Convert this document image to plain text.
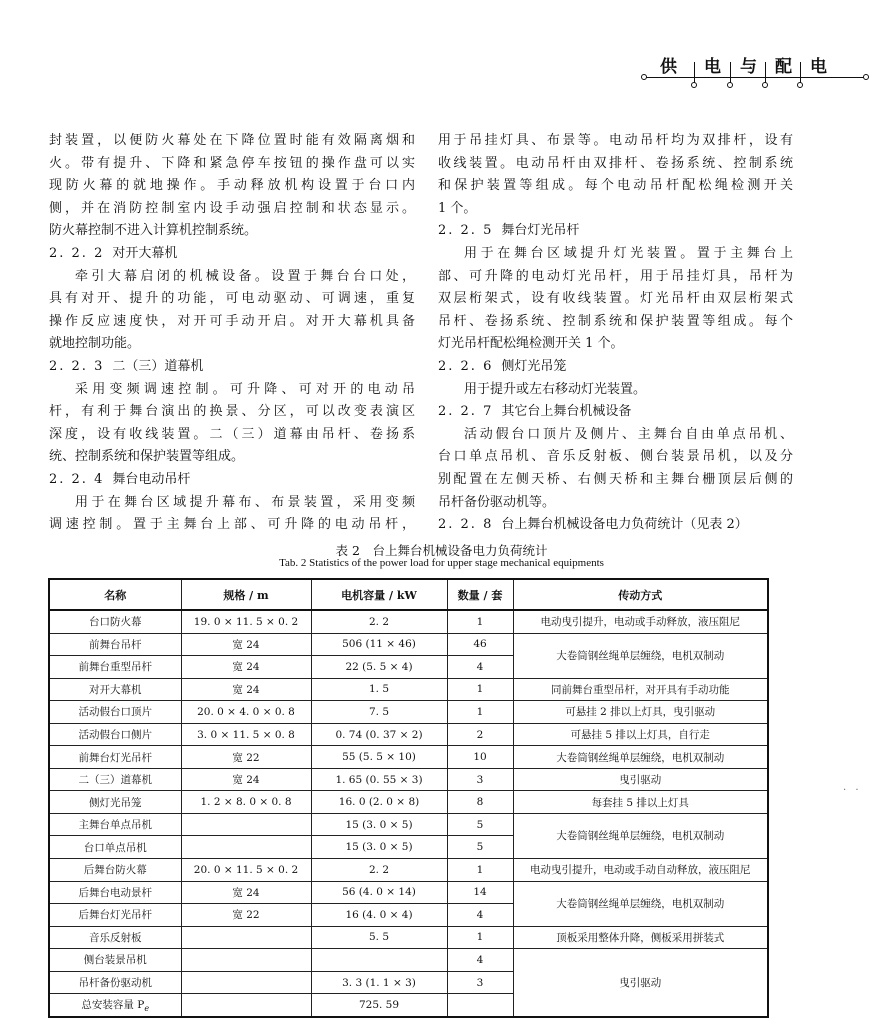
供 电 与 配 电

封装置，以便防火幕处在下降位置时能有效隔离烟和

火。带有提升、下降和紧急停车按钮的操作盘可以实

现防火幕的就地操作。手动释放机构设置于台口内

侧，并在消防控制室内设手动强启控制和状态显示。

防火幕控制不进入计算机控制系统。

2. 2. 2 对开大幕机

牵引大幕启闭的机械设备。设置于舞台台口处，

具有对开、提升的功能，可电动驱动、可调速，重复

操作反应速度快，对开可手动开启。对开大幕机具备

就地控制功能。

2. 2. 3 二（三）道幕机

采用变频调速控制。可升降、可对开的电动吊

杆，有利于舞台演出的换景、分区，可以改变表演区

深度，设有收线装置。二（三）道幕由吊杆、卷扬系

统、控制系统和保护装置等组成。

2. 2. 4 舞台电动吊杆

用于在舞台区域提升幕布、布景装置，采用变频

调速控制。置于主舞台上部、可升降的电动吊杆，

用于吊挂灯具、布景等。电动吊杆均为双排杆，设有

收线装置。电动吊杆由双排杆、卷扬系统、控制系统

和保护装置等组成。每个电动吊杆配松绳检测开关

1 个。

2. 2. 5 舞台灯光吊杆

用于在舞台区域提升灯光装置。置于主舞台上

部、可升降的电动灯光吊杆，用于吊挂灯具，吊杆为

双层桁架式，设有收线装置。灯光吊杆由双层桁架式

吊杆、卷扬系统、控制系统和保护装置等组成。每个

灯光吊杆配松绳检测开关 1 个。

2. 2. 6 侧灯光吊笼

用于提升或左右移动灯光装置。

2. 2. 7 其它台上舞台机械设备

活动假台口顶片及侧片、主舞台自由单点吊机、

台口单点吊机、音乐反射板、侧台装景吊机，以及分

别配置在左侧天桥、右侧天桥和主舞台栅顶层后侧的

吊杆备份驱动机等。

2. 2. 8 台上舞台机械设备电力负荷统计（见表 2）

表 2　台上舞台机械设备电力负荷统计
Tab. 2 Statistics of the power load for upper stage mechanical equipments
名称	规格 / m	电机容量 / kW	数量 / 套	传动方式
台口防火幕	19. 0 × 11. 5 × 0. 2	2. 2	1	电动曳引提升，电动或手动释放，液压阻尼
前舞台吊杆	宽 24	506 (11 × 46)	46	大卷筒钢丝绳单层缠绕，电机双制动
前舞台重型吊杆	宽 24	22 (5. 5 × 4)	4	
对开大幕机	宽 24	1. 5	1	同前舞台重型吊杆，对开具有手动功能
活动假台口顶片	20. 0 × 4. 0 × 0. 8	7. 5	1	可悬挂 2 排以上灯具，曳引驱动
活动假台口侧片	3. 0 × 11. 5 × 0. 8	0. 74 (0. 37 × 2)	2	可悬挂 5 排以上灯具，自行走
前舞台灯光吊杆	宽 22	55 (5. 5 × 10)	10	大卷筒钢丝绳单层缠绕，电机双制动
二（三）道幕机	宽 24	1. 65 (0. 55 × 3)	3	曳引驱动
侧灯光吊笼	1. 2 × 8. 0 × 0. 8	16. 0 (2. 0 × 8)	8	每套挂 5 排以上灯具
主舞台单点吊机		15 (3. 0 × 5)	5	大卷筒钢丝绳单层缠绕，电机双制动
台口单点吊机		15 (3. 0 × 5)	5	
后舞台防火幕	20. 0 × 11. 5 × 0. 2	2. 2	1	电动曳引提升，电动或手动自动释放，液压阻尼
后舞台电动景杆	宽 24	56 (4. 0 × 14)	14	大卷筒钢丝绳单层缠绕，电机双制动
后舞台灯光吊杆	宽 22	16 (4. 0 × 4)	4	
音乐反射板		5. 5	1	顶板采用整体升降，侧板采用拼装式
侧台装景吊机			4	曳引驱动
吊杆备份驱动机		3. 3 (1. 1 × 3)	3	
总安装容量 $P_e$		725. 59		
. .
